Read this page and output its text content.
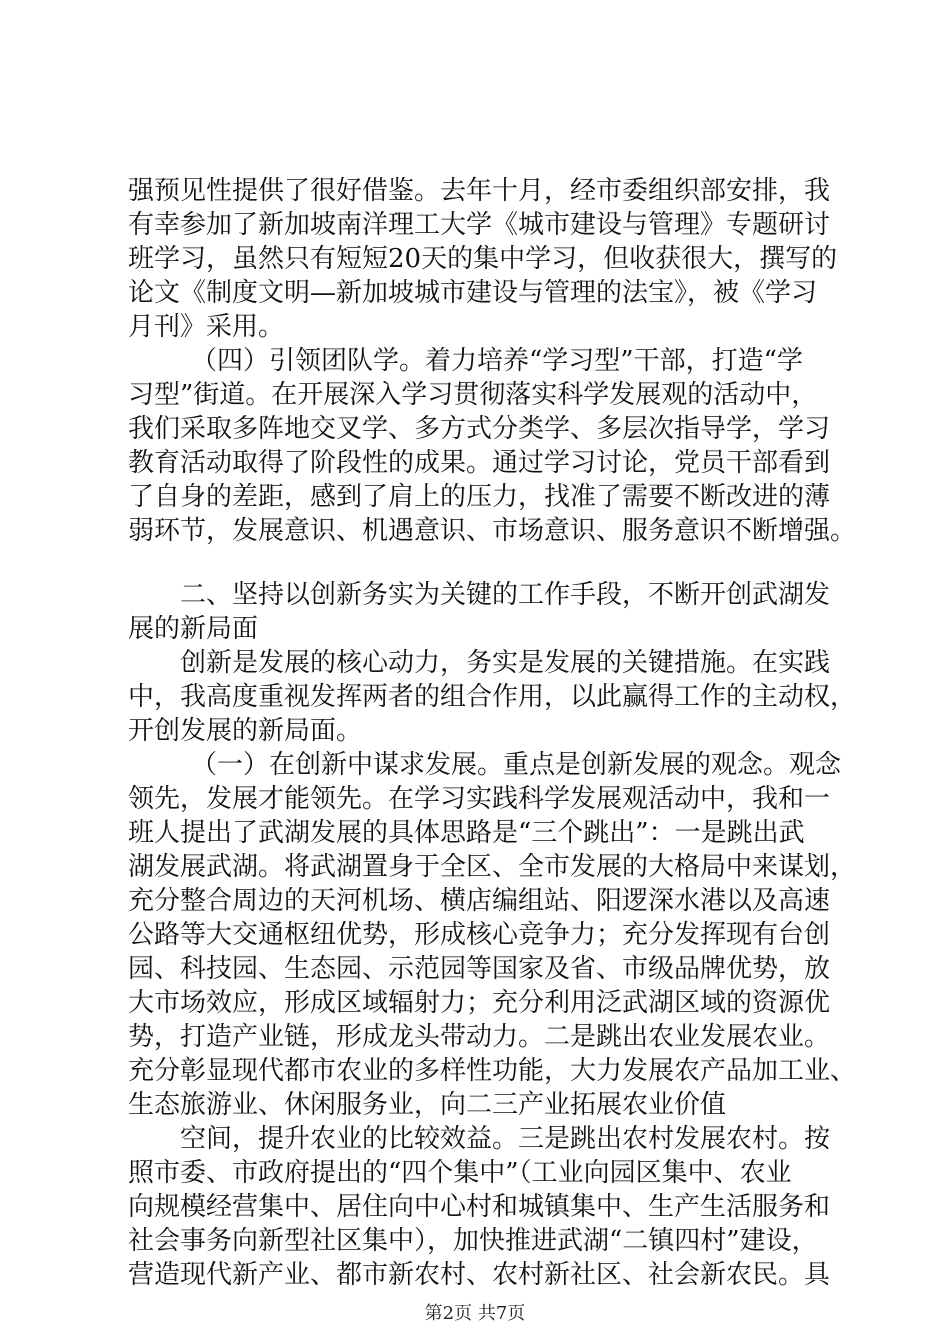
强预见性提供了很好借鉴。去年十月，经市委组织部安排，我

有幸参加了新加坡南洋理工大学《城市建设与管理》专题研讨

班学习，虽然只有短短20天的集中学习，但收获很大，撰写的

论文《制度文明—新加坡城市建设与管理的法宝》，被《学习

月刊》采用。

（四）引领团队学。着力培养“学习型”干部，打造“学

习型”街道。在开展深入学习贯彻落实科学发展观的活动中，

我们采取多阵地交叉学、多方式分类学、多层次指导学，学习

教育活动取得了阶段性的成果。通过学习讨论，党员干部看到

了自身的差距，感到了肩上的压力，找准了需要不断改进的薄

弱环节，发展意识、机遇意识、市场意识、服务意识不断增强。

二、坚持以创新务实为关键的工作手段，不断开创武湖发

展的新局面

创新是发展的核心动力，务实是发展的关键措施。在实践

中，我高度重视发挥两者的组合作用，以此赢得工作的主动权，

开创发展的新局面。

（一）在创新中谋求发展。重点是创新发展的观念。观念

领先，发展才能领先。在学习实践科学发展观活动中，我和一

班人提出了武湖发展的具体思路是“三个跳出”：一是跳出武

湖发展武湖。将武湖置身于全区、全市发展的大格局中来谋划，

充分整合周边的天河机场、横店编组站、阳逻深水港以及高速

公路等大交通枢纽优势，形成核心竞争力；充分发挥现有台创

园、科技园、生态园、示范园等国家及省、市级品牌优势，放

大市场效应，形成区域辐射力；充分利用泛武湖区域的资源优

势，打造产业链，形成龙头带动力。二是跳出农业发展农业。

充分彰显现代都市农业的多样性功能，大力发展农产品加工业、

生态旅游业、休闲服务业，向二三产业拓展农业价值

空间，提升农业的比较效益。三是跳出农村发展农村。按

照市委、市政府提出的“四个集中”（工业向园区集中、农业

向规模经营集中、居住向中心村和城镇集中、生产生活服务和

社会事务向新型社区集中），加快推进武湖“二镇四村”建设，

营造现代新产业、都市新农村、农村新社区、社会新农民。具

第2页 共7页
